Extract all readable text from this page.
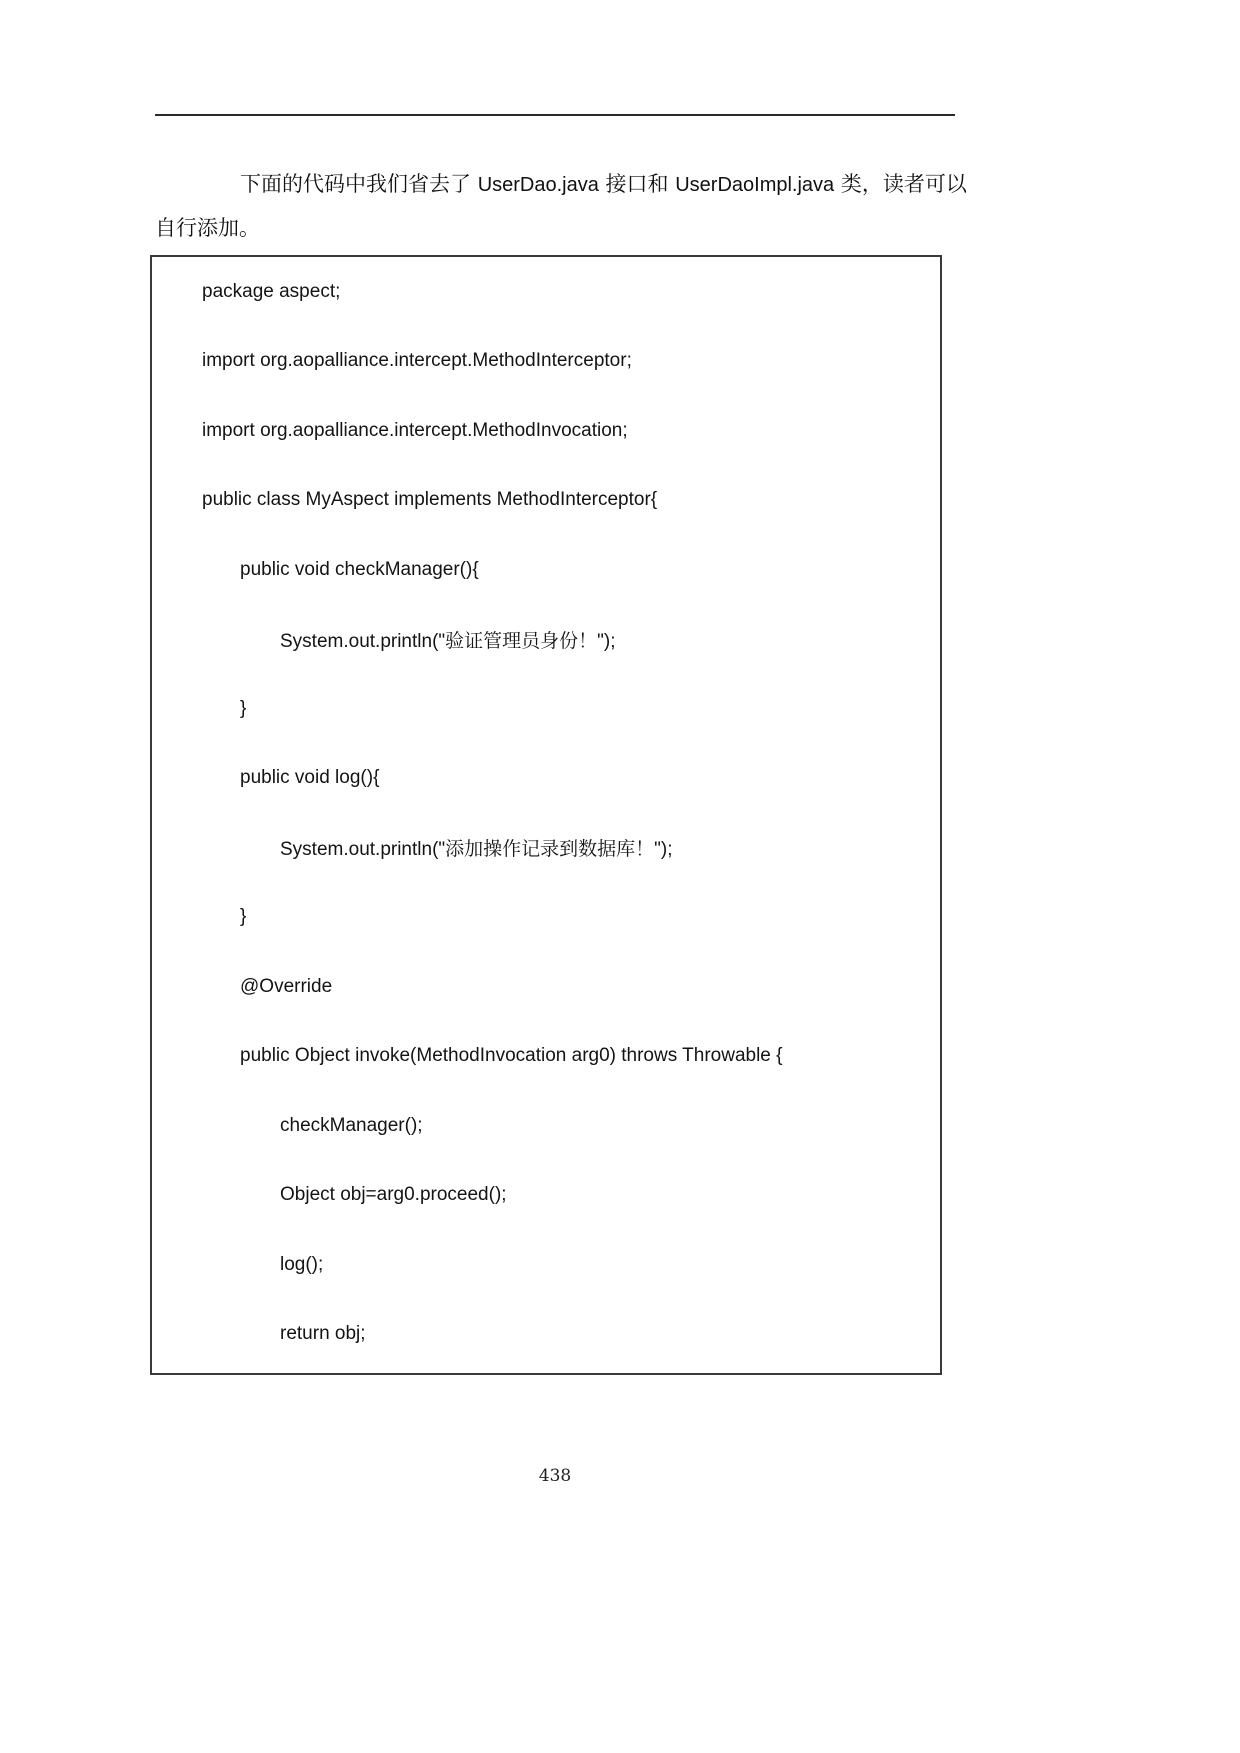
下面的代码中我们省去了 UserDao.java 接口和 UserDaoImpl.java 类，读者可以
自行添加。
package aspect;
import org.aopalliance.intercept.MethodInterceptor;
import org.aopalliance.intercept.MethodInvocation;
public class MyAspect implements MethodInterceptor{
public void checkManager(){
System.out.println("验证管理员身份！");
}
public void log(){
System.out.println("添加操作记录到数据库！");
}
@Override
public Object invoke(MethodInvocation arg0) throws Throwable {
checkManager();
Object obj=arg0.proceed();
log();
return obj;
438
